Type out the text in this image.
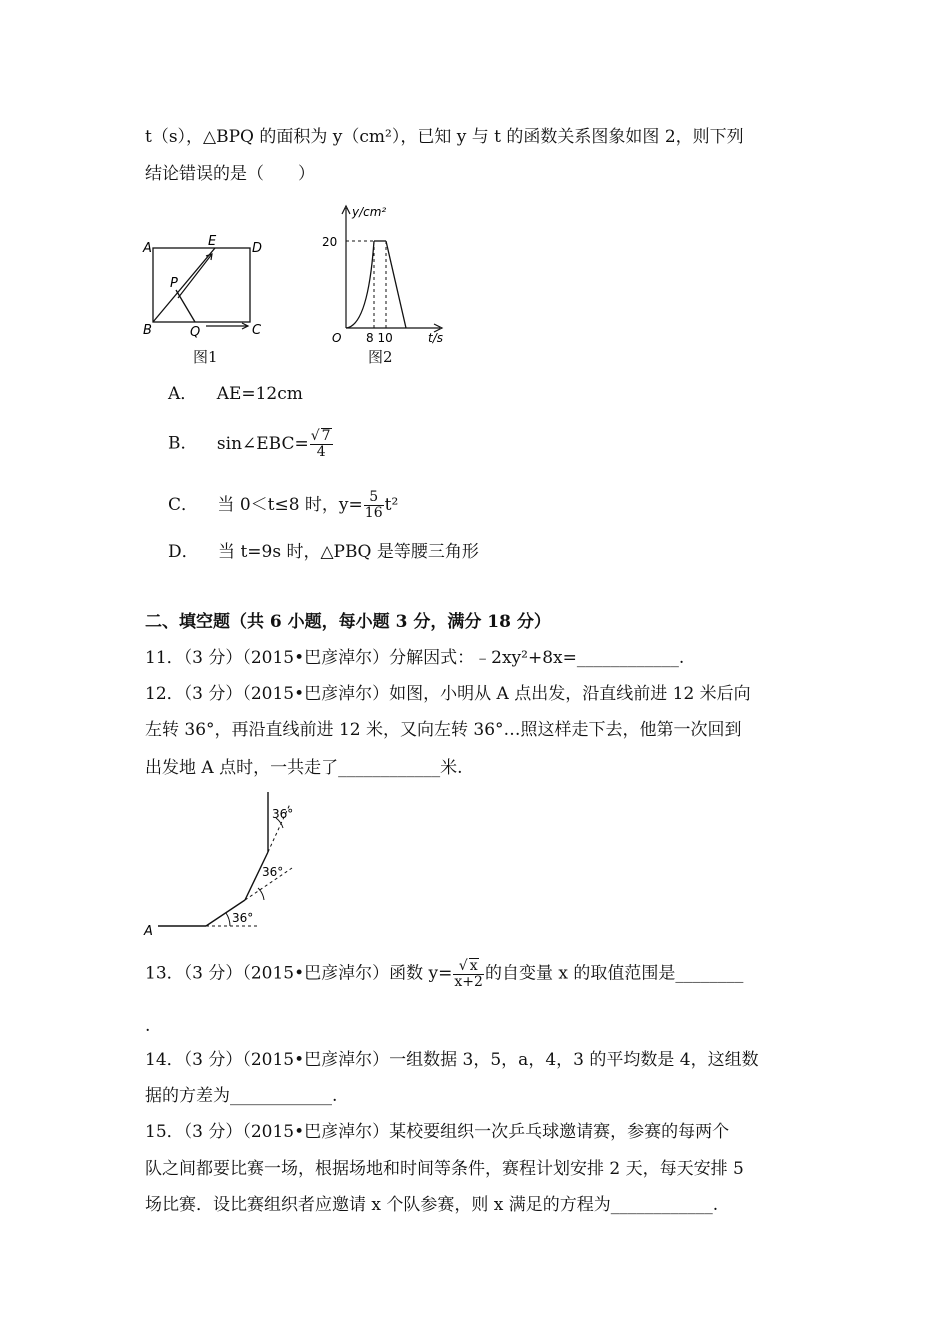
t（s），△BPQ 的面积为 y（cm²），已知 y 与 t 的函数关系图象如图 2，则下列
结论错误的是（　　）
A	E	D
P
B	Q	C
图1
y/cm²
20
O 8 10	t/s
图2
A． AE=12cm
B． sin∠EBC= $\frac{√ 7}{4}$
C． 当 0＜t≤8 时，$y= \frac{5}{16} t^2$
D． 当 t=9s 时，△PBQ 是等腰三角形
二、填空题（共 6 小题，每小题 3 分，满分 18 分）
11．（3 分）（2015•巴彦淖尔）分解因式：﹣2xy²+8x=____________.
12．（3 分）（2015•巴彦淖尔）如图，小明从 A 点出发，沿直线前进 12 米后向
左转 36°，再沿直线前进 12 米，又向左转 36°…照这样走下去，他第一次回到
出发地 A 点时，一共走了____________米.
A
36°
36°
36°
13．（3 分）（2015•巴彦淖尔）函数 $y= \frac{√ x}{x+2}$ 的自变量 x 的取值范围是________
.
14．（3 分）（2015•巴彦淖尔）一组数据 3，5，a，4，3 的平均数是 4，这组数
据的方差为____________.
15．（3 分）（2015•巴彦淖尔）某校要组织一次乒乓球邀请赛，参赛的每两个
队之间都要比赛一场，根据场地和时间等条件，赛程计划安排 2 天，每天安排 5
场比赛．设比赛组织者应邀请 x 个队参赛，则 x 满足的方程为____________.
